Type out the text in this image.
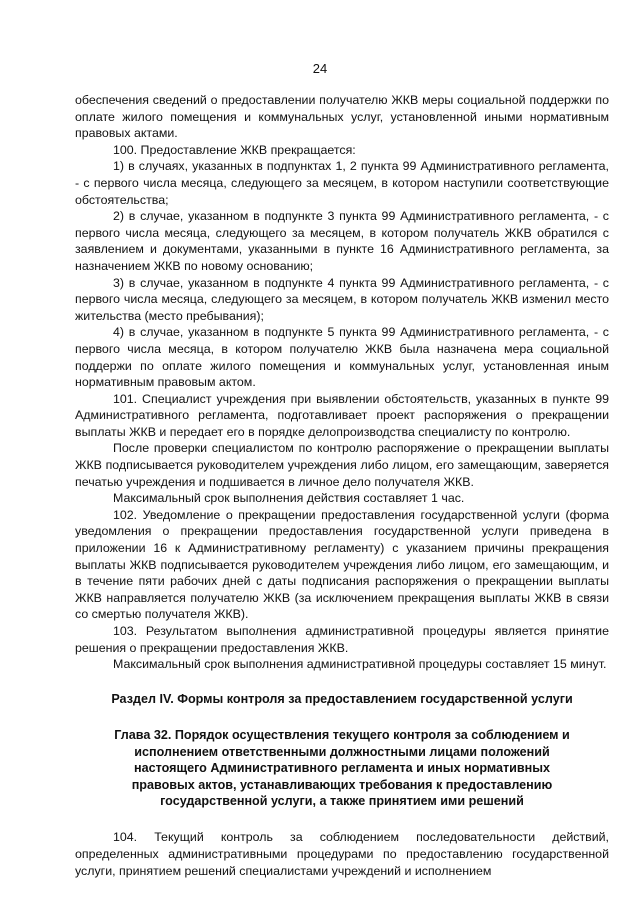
24

обеспечения сведений о предоставлении получателю ЖКВ меры социальной поддержки по оплате жилого помещения и коммунальных услуг, установленной иными нормативным правовых актами.

100. Предоставление ЖКВ прекращается:

1) в случаях, указанных в подпунктах 1, 2 пункта 99 Административного регламента, - с первого числа месяца, следующего за месяцем, в котором наступили соответствующие обстоятельства;

2) в случае, указанном в подпункте 3 пункта 99 Административного регламента, - с первого числа месяца, следующего за месяцем, в котором получатель ЖКВ обратился с заявлением и документами, указанными в пункте 16 Административного регламента, за назначением ЖКВ по новому основанию;

3) в случае, указанном в подпункте 4 пункта 99 Административного регламента, - с первого числа месяца, следующего за месяцем, в котором получатель ЖКВ изменил место жительства (место пребывания);

4) в случае, указанном в подпункте 5 пункта 99 Административного регламента, - с первого числа месяца, в котором получателю ЖКВ была назначена мера социальной поддержи по оплате жилого помещения и коммунальных услуг, установленная иным нормативным правовым актом.

101. Специалист учреждения при выявлении обстоятельств, указанных в пункте 99 Административного регламента, подготавливает проект распоряжения о прекращении выплаты ЖКВ и передает его в порядке делопроизводства специалисту по контролю.

После проверки специалистом по контролю распоряжение о прекращении выплаты ЖКВ подписывается руководителем учреждения либо лицом, его замещающим, заверяется печатью учреждения и подшивается в личное дело получателя ЖКВ.

Максимальный срок выполнения действия составляет 1 час.

102. Уведомление о прекращении предоставления государственной услуги (форма уведомления о прекращении предоставления государственной услуги приведена в приложении 16 к Административному регламенту) с указанием причины прекращения выплаты ЖКВ подписывается руководителем учреждения либо лицом, его замещающим, и в течение пяти рабочих дней с даты подписания распоряжения о прекращении выплаты ЖКВ направляется получателю ЖКВ (за исключением прекращения выплаты ЖКВ в связи со смертью получателя ЖКВ).

103. Результатом выполнения административной процедуры является принятие решения о прекращении предоставления ЖКВ.

Максимальный срок выполнения административной процедуры составляет 15 минут.

Раздел IV. Формы контроля за предоставлением государственной услуги

Глава 32. Порядок осуществления текущего контроля за соблюдением и исполнением ответственными должностными лицами положений настоящего Административного регламента и иных нормативных правовых актов, устанавливающих требования к предоставлению государственной услуги, а также принятием ими решений

104. Текущий контроль за соблюдением последовательности действий, определенных административными процедурами по предоставлению государственной услуги, принятием решений специалистами учреждений и исполнением
